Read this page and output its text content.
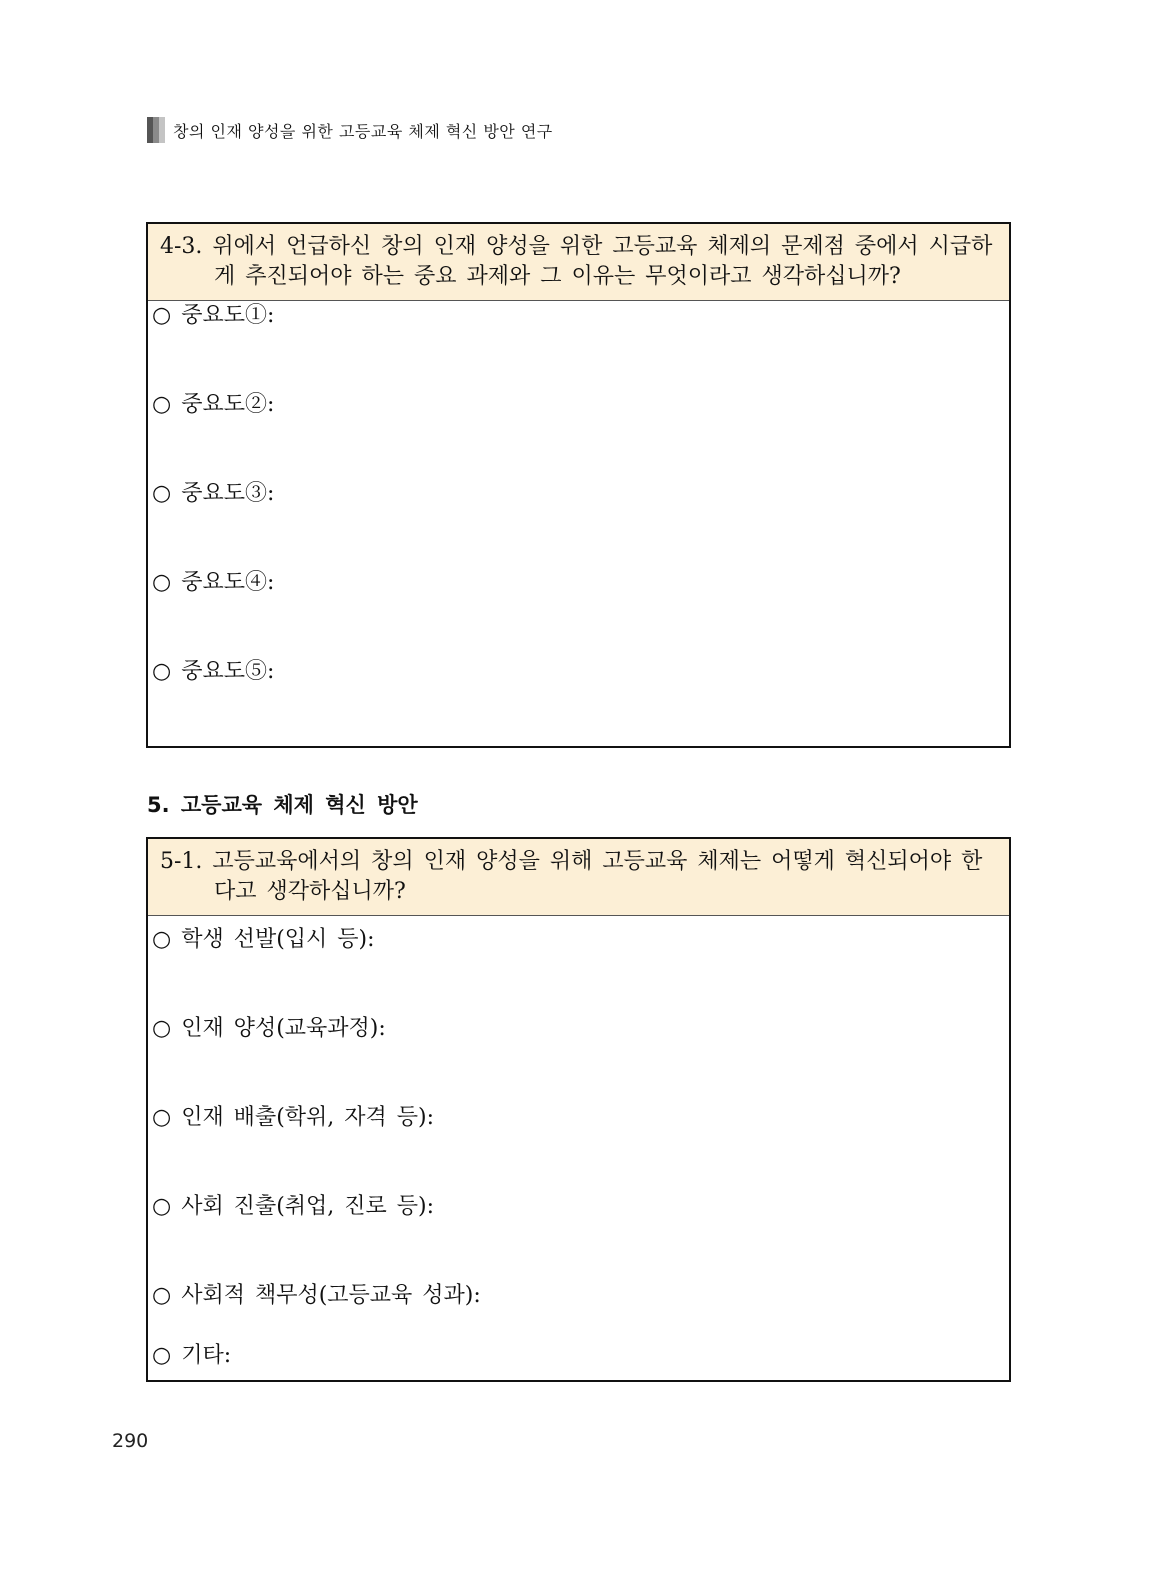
창의 인재 양성을 위한 고등교육 체제 혁신 방안 연구
4-3. 위에서 언급하신 창의 인재 양성을 위한 고등교육 체제의 문제점 중에서 시급하게 추진되어야 하는 중요 과제와 그 이유는 무엇이라고 생각하십니까?
○ 중요도①:
○ 중요도②:
○ 중요도③:
○ 중요도④:
○ 중요도⑤:
5. 고등교육 체제 혁신 방안
5-1. 고등교육에서의 창의 인재 양성을 위해 고등교육 체제는 어떻게 혁신되어야 한다고 생각하십니까?
○ 학생 선발(입시 등):
○ 인재 양성(교육과정):
○ 인재 배출(학위, 자격 등):
○ 사회 진출(취업, 진로 등):
○ 사회적 책무성(고등교육 성과):
○ 기타:
290
